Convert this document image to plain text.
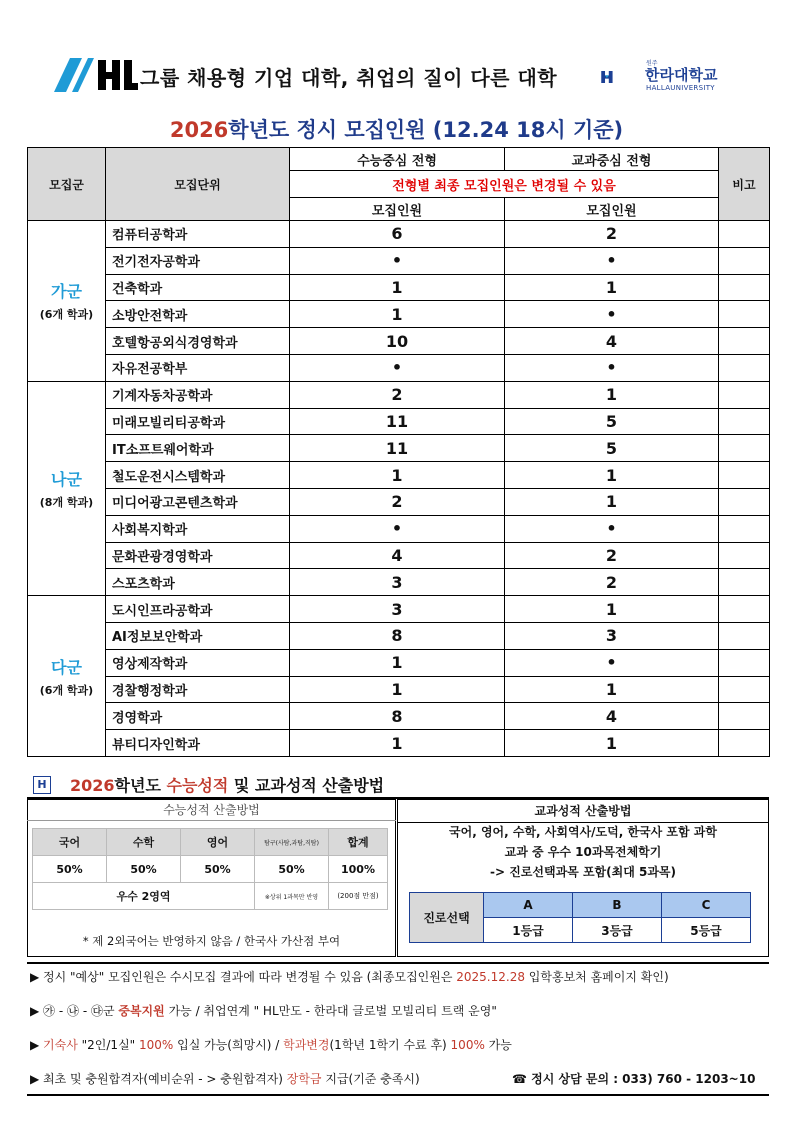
그룹 채용형 기업 대학, 취업의 질이 다른 대학
원주
한라대학교
HALLAUNIVERSITY
2026학년도 정시 모집인원 (12.24 18시 기준)
모집군	모집단위	수능중심 전형	교과중심 전형	비고
		전형별 최종 모집인원은 변경될 수 있음		
		모집인원	모집인원	

가군
(6개 학과)	컴퓨터공학과	6	2	
	전기전자공학과	•	•	
	건축학과	1	1	
	소방안전학과	1	•	
	호텔항공외식경영학과	10	4	
	자유전공학부	•	•	

나군
(8개 학과)	기계자동차공학과	2	1	
	미래모빌리티공학과	11	5	
	IT소프트웨어학과	11	5	
	철도운전시스템학과	1	1	
	미디어광고콘텐츠학과	2	1	
	사회복지학과	•	•	
	문화관광경영학과	4	2	
	스포츠학과	3	2	

다군
(6개 학과)	도시인프라공학과	3	1	
	AI정보보안학과	8	3	
	영상제작학과	1	•	
	경찰행정학과	1	1	
	경영학과	8	4	
	뷰티디자인학과	1	1	
H 2026학년도 수능성적 및 교과성적 산출방법
수능성적 산출방법	교과성적 산출방법
국어	수학	영어	탐구(사탐,과탐,직탐)	합계
50%	50%	50%	50%	100%
우수 2영역			※상위 1과목만 반영	(200점 만점)
* 제 2외국어는 반영하지 않음 / 한국사 가산점 부여
국어, 영어, 수학, 사회역사/도덕, 한국사 포함 과학
교과 중 우수 10과목전체학기
-> 진로선택과목 포함(최대 5과목)
진로선택	A	B	C
	1등급	3등급	5등급
▶ 정시 "예상" 모집인원은 수시모집 결과에 따라 변경될 수 있음 (최종모집인원은 2025.12.28 입학홍보처 홈페이지 확인)
▶ ㉮ - ㉯ - ㉰군 중복지원 가능 / 취업연계 " HL만도 - 한라대 글로벌 모빌리티 트랙 운영"
▶ 기숙사 "2인/1실" 100% 입실 가능(희망시) / 학과변경(1학년 1학기 수료 후) 100% 가능
▶ 최초 및 충원합격자(예비순위 - > 충원합격자) 장학금 지급(기준 충족시)	☎ 정시 상담 문의 : 033) 760 - 1203~10
